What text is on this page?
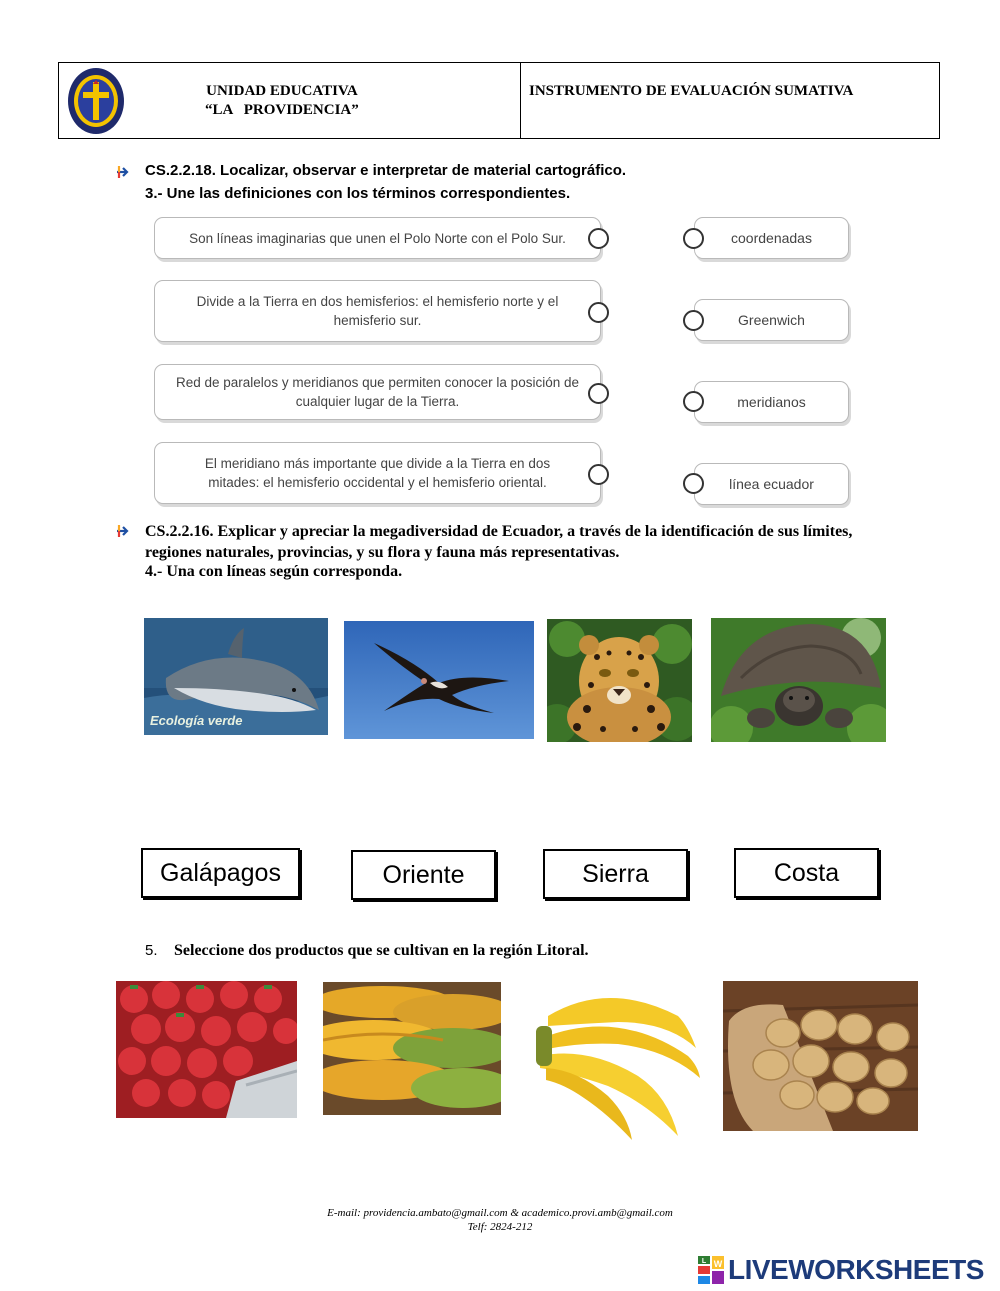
UNIDAD EDUCATIVA
“LA   PROVIDENCIA”
INSTRUMENTO DE EVALUACIÓN SUMATIVA
CS.2.2.18. Localizar, observar e interpretar de material cartográfico.
3.- Une las definiciones con los términos correspondientes.
Son líneas imaginarias que unen el Polo Norte con el Polo Sur.
Divide a la Tierra en dos hemisferios: el hemisferio norte y el hemisferio sur.
Red de paralelos y meridianos que permiten conocer la posición de cualquier lugar de la Tierra.
El meridiano más importante que divide a la Tierra en dos mitades: el hemisferio occidental y el hemisferio oriental.
coordenadas
Greenwich
meridianos
línea ecuador
CS.2.2.16. Explicar y apreciar la megadiversidad de Ecuador, a través de la identificación de sus límites, regiones naturales, provincias, y su flora y fauna más representativas.
4.- Una con líneas según corresponda.
Ecología verde
Galápagos	Oriente	Sierra	Costa
5. Seleccione dos productos que se cultivan en la región Litoral.
E-mail: providencia.ambato@gmail.com & academico.provi.amb@gmail.com
Telf: 2824-212
L W LIVEWORKSHEETS
